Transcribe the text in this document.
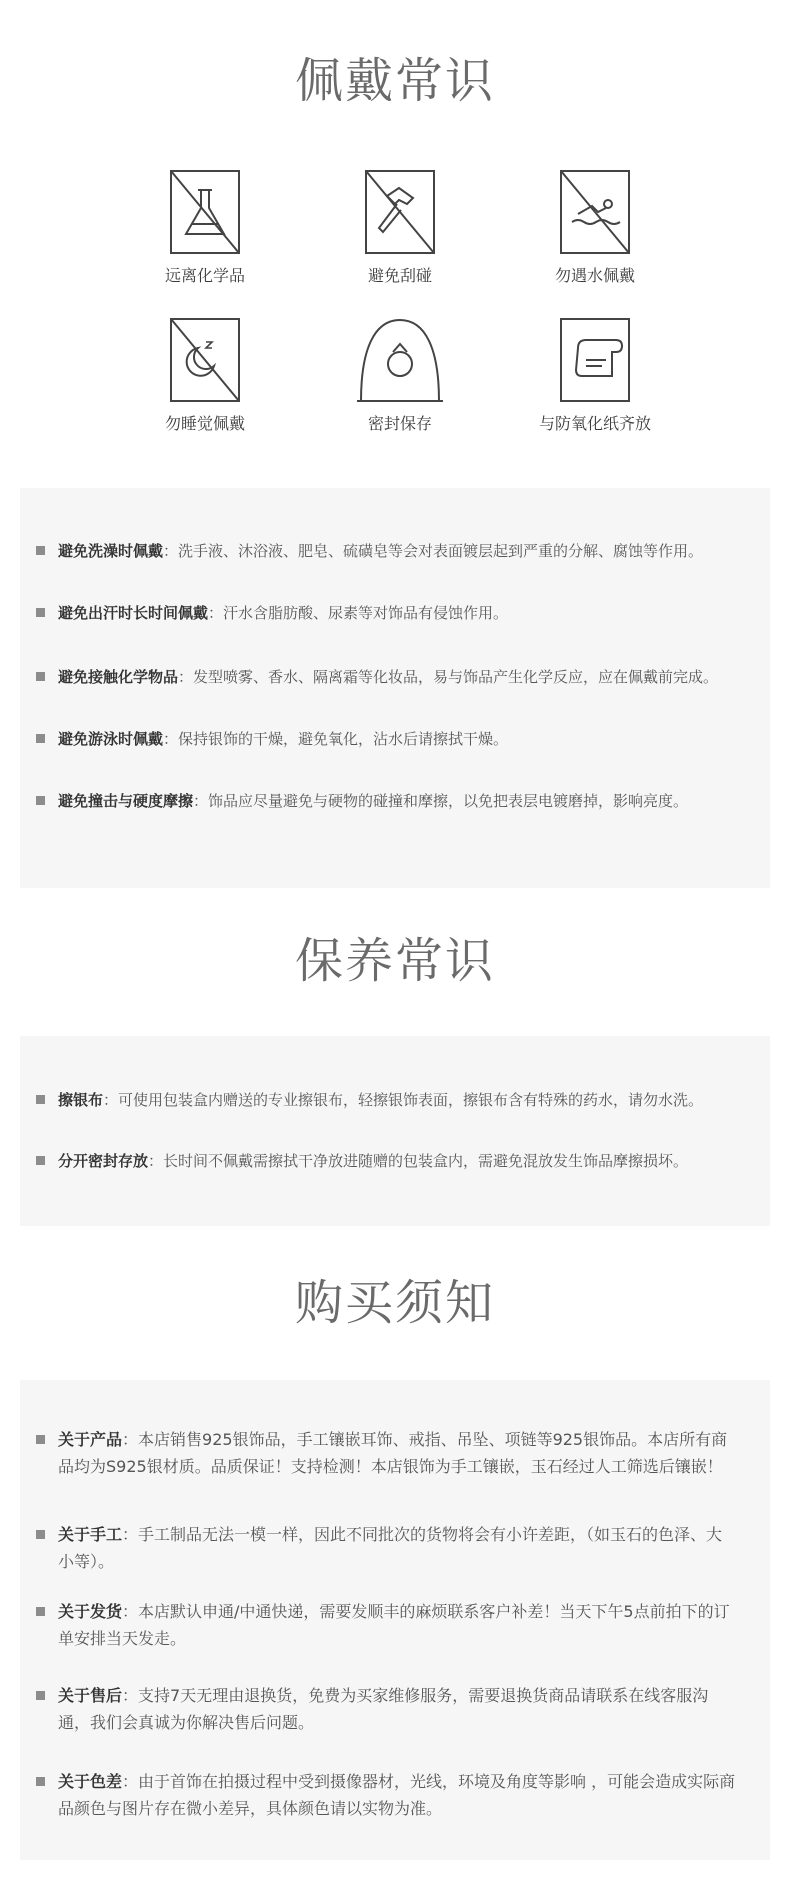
佩戴常识
远离化学品	避免刮碰	勿遇水佩戴
勿睡觉佩戴	密封保存	与防氧化纸齐放
避免洗澡时佩戴：洗手液、沐浴液、肥皂、硫磺皂等会对表面镀层起到严重的分解、腐蚀等作用。
避免出汗时长时间佩戴：汗水含脂肪酸、尿素等对饰品有侵蚀作用。
避免接触化学物品：发型喷雾、香水、隔离霜等化妆品，易与饰品产生化学反应，应在佩戴前完成。
避免游泳时佩戴：保持银饰的干燥，避免氧化，沾水后请擦拭干燥。
避免撞击与硬度摩擦：饰品应尽量避免与硬物的碰撞和摩擦，以免把表层电镀磨掉，影响亮度。
保养常识
擦银布：可使用包装盒内赠送的专业擦银布，轻擦银饰表面，擦银布含有特殊的药水，请勿水洗。
分开密封存放：长时间不佩戴需擦拭干净放进随赠的包装盒内，需避免混放发生饰品摩擦损坏。
购买须知
关于产品：本店销售925银饰品，手工镶嵌耳饰、戒指、吊坠、项链等925银饰品。本店所有商品均为S925银材质。品质保证！支持检测！本店银饰为手工镶嵌，玉石经过人工筛选后镶嵌！
关于手工：手工制品无法一模一样，因此不同批次的货物将会有小许差距，（如玉石的色泽、大小等）。
关于发货：本店默认申通/中通快递，需要发顺丰的麻烦联系客户补差！当天下午5点前拍下的订单安排当天发走。
关于售后：支持7天无理由退换货，免费为买家维修服务，需要退换货商品请联系在线客服沟通，我们会真诚为你解决售后问题。
关于色差：由于首饰在拍摄过程中受到摄像器材，光线，环境及角度等影响 ，可能会造成实际商品颜色与图片存在微小差异，具体颜色请以实物为准。
